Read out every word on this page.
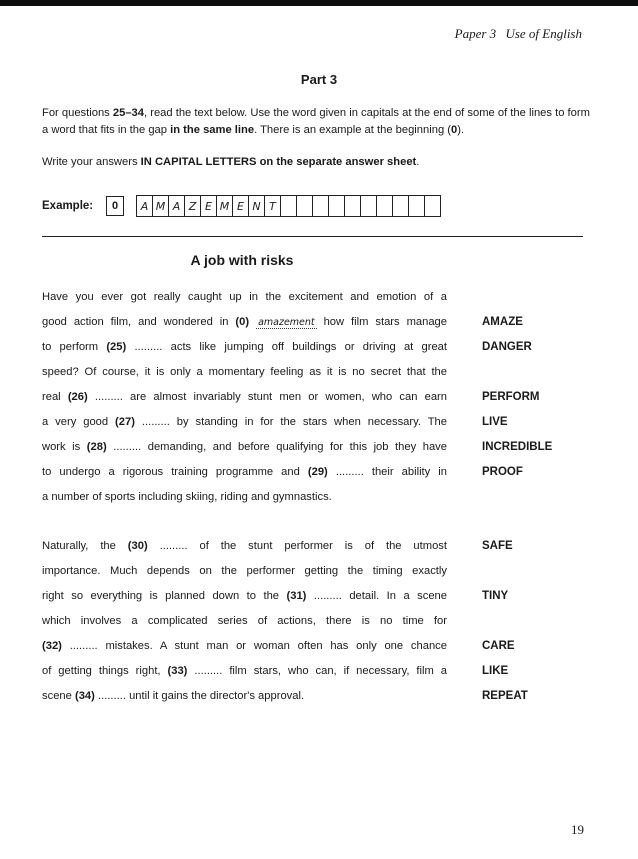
Paper 3 Use of English
Part 3
For questions 25–34, read the text below. Use the word given in capitals at the end of some of the lines to form a word that fits in the gap in the same line. There is an example at the beginning (0).
Write your answers IN CAPITAL LETTERS on the separate answer sheet.
Example:	0	A M A Z E M E N T
A job with risks
Have you ever got really caught up in the excitement and emotion of a
good action film, and wondered in (0) amazement how film stars manage
to perform (25) ......... acts like jumping off buildings or driving at great
speed? Of course, it is only a momentary feeling as it is no secret that the
real (26) ......... are almost invariably stunt men or women, who can earn
a very good (27) ......... by standing in for the stars when necessary. The
work is (28) ......... demanding, and before qualifying for this job they have
to undergo a rigorous training programme and (29) ......... their ability in
a number of sports including skiing, riding and gymnastics.
Naturally, the (30) ......... of the stunt performer is of the utmost
importance. Much depends on the performer getting the timing exactly
right so everything is planned down to the (31) ......... detail. In a scene
which involves a complicated series of actions, there is no time for
(32) ......... mistakes. A stunt man or woman often has only one chance
of getting things right, (33) ......... film stars, who can, if necessary, film a
scene (34) ......... until it gains the director's approval.
AMAZE
DANGER
PERFORM
LIVE
INCREDIBLE
PROOF
SAFE
TINY
CARE
LIKE
REPEAT
19
